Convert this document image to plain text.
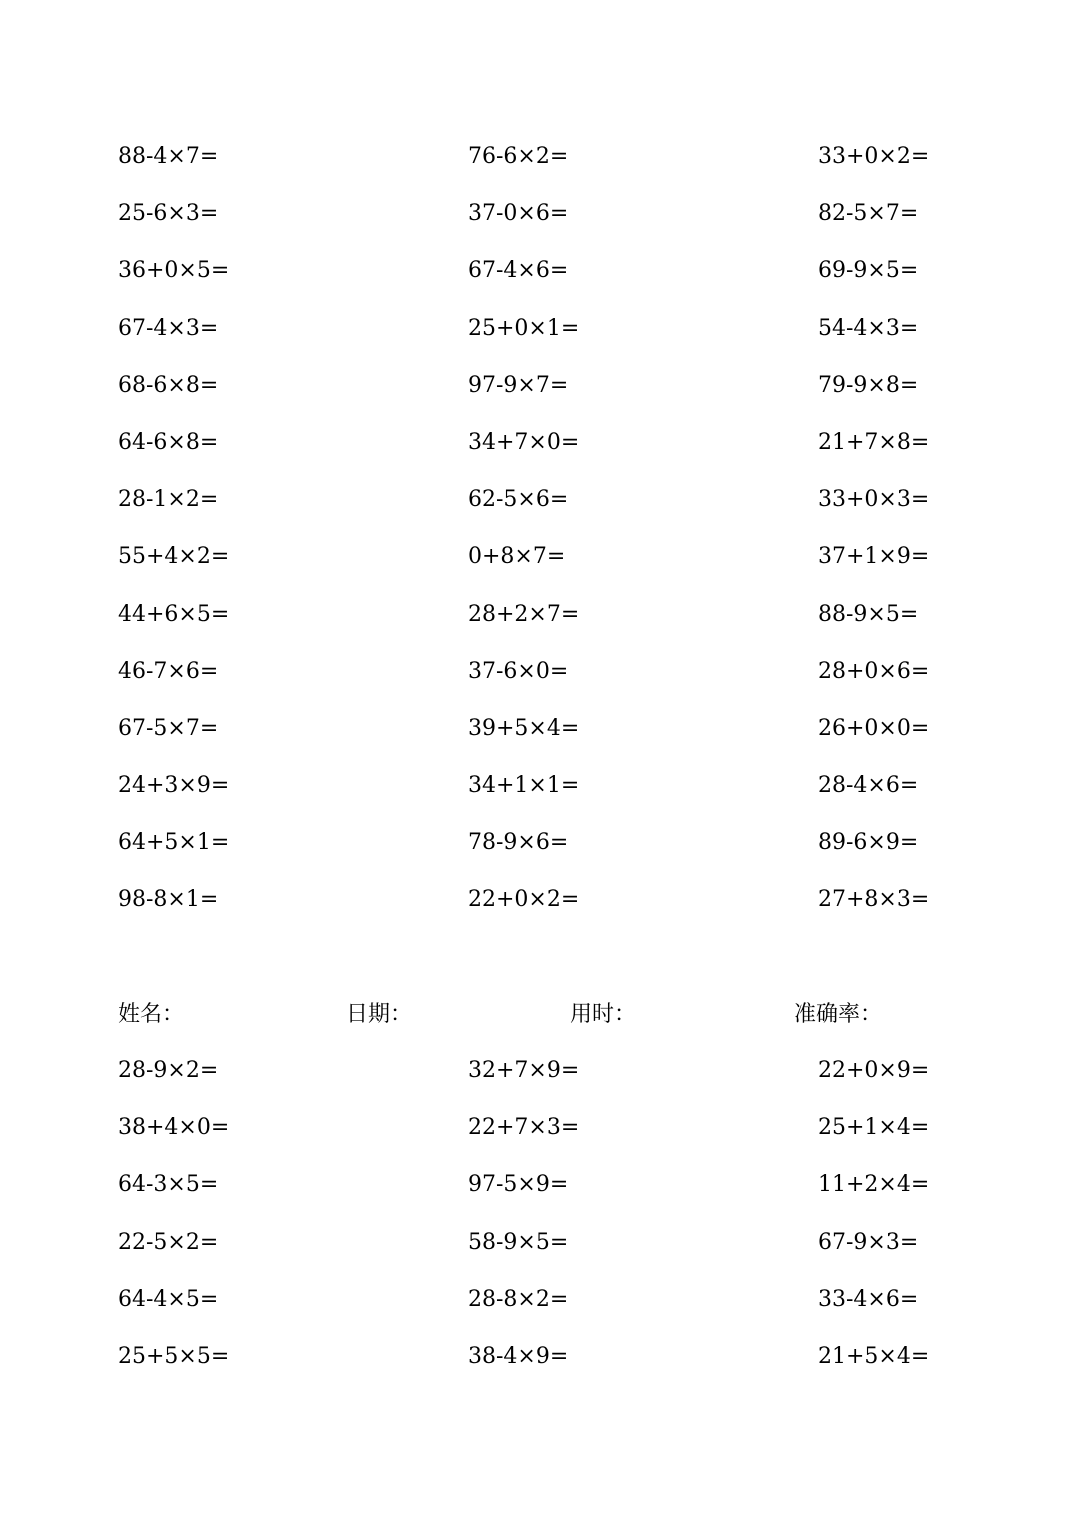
88-4×7=	76-6×2=	33+0×2=
25-6×3=	37-0×6=	82-5×7=
36+0×5=	67-4×6=	69-9×5=
67-4×3=	25+0×1=	54-4×3=
68-6×8=	97-9×7=	79-9×8=
64-6×8=	34+7×0=	21+7×8=
28-1×2=	62-5×6=	33+0×3=
55+4×2=	0+8×7=	37+1×9=
44+6×5=	28+2×7=	88-9×5=
46-7×6=	37-6×0=	28+0×6=
67-5×7=	39+5×4=	26+0×0=
24+3×9=	34+1×1=	28-4×6=
64+5×1=	78-9×6=	89-6×9=
98-8×1=	22+0×2=	27+8×3=
姓名：	日期：	用时：	准确率：
28-9×2=	32+7×9=	22+0×9=
38+4×0=	22+7×3=	25+1×4=
64-3×5=	97-5×9=	11+2×4=
22-5×2=	58-9×5=	67-9×3=
64-4×5=	28-8×2=	33-4×6=
25+5×5=	38-4×9=	21+5×4=
